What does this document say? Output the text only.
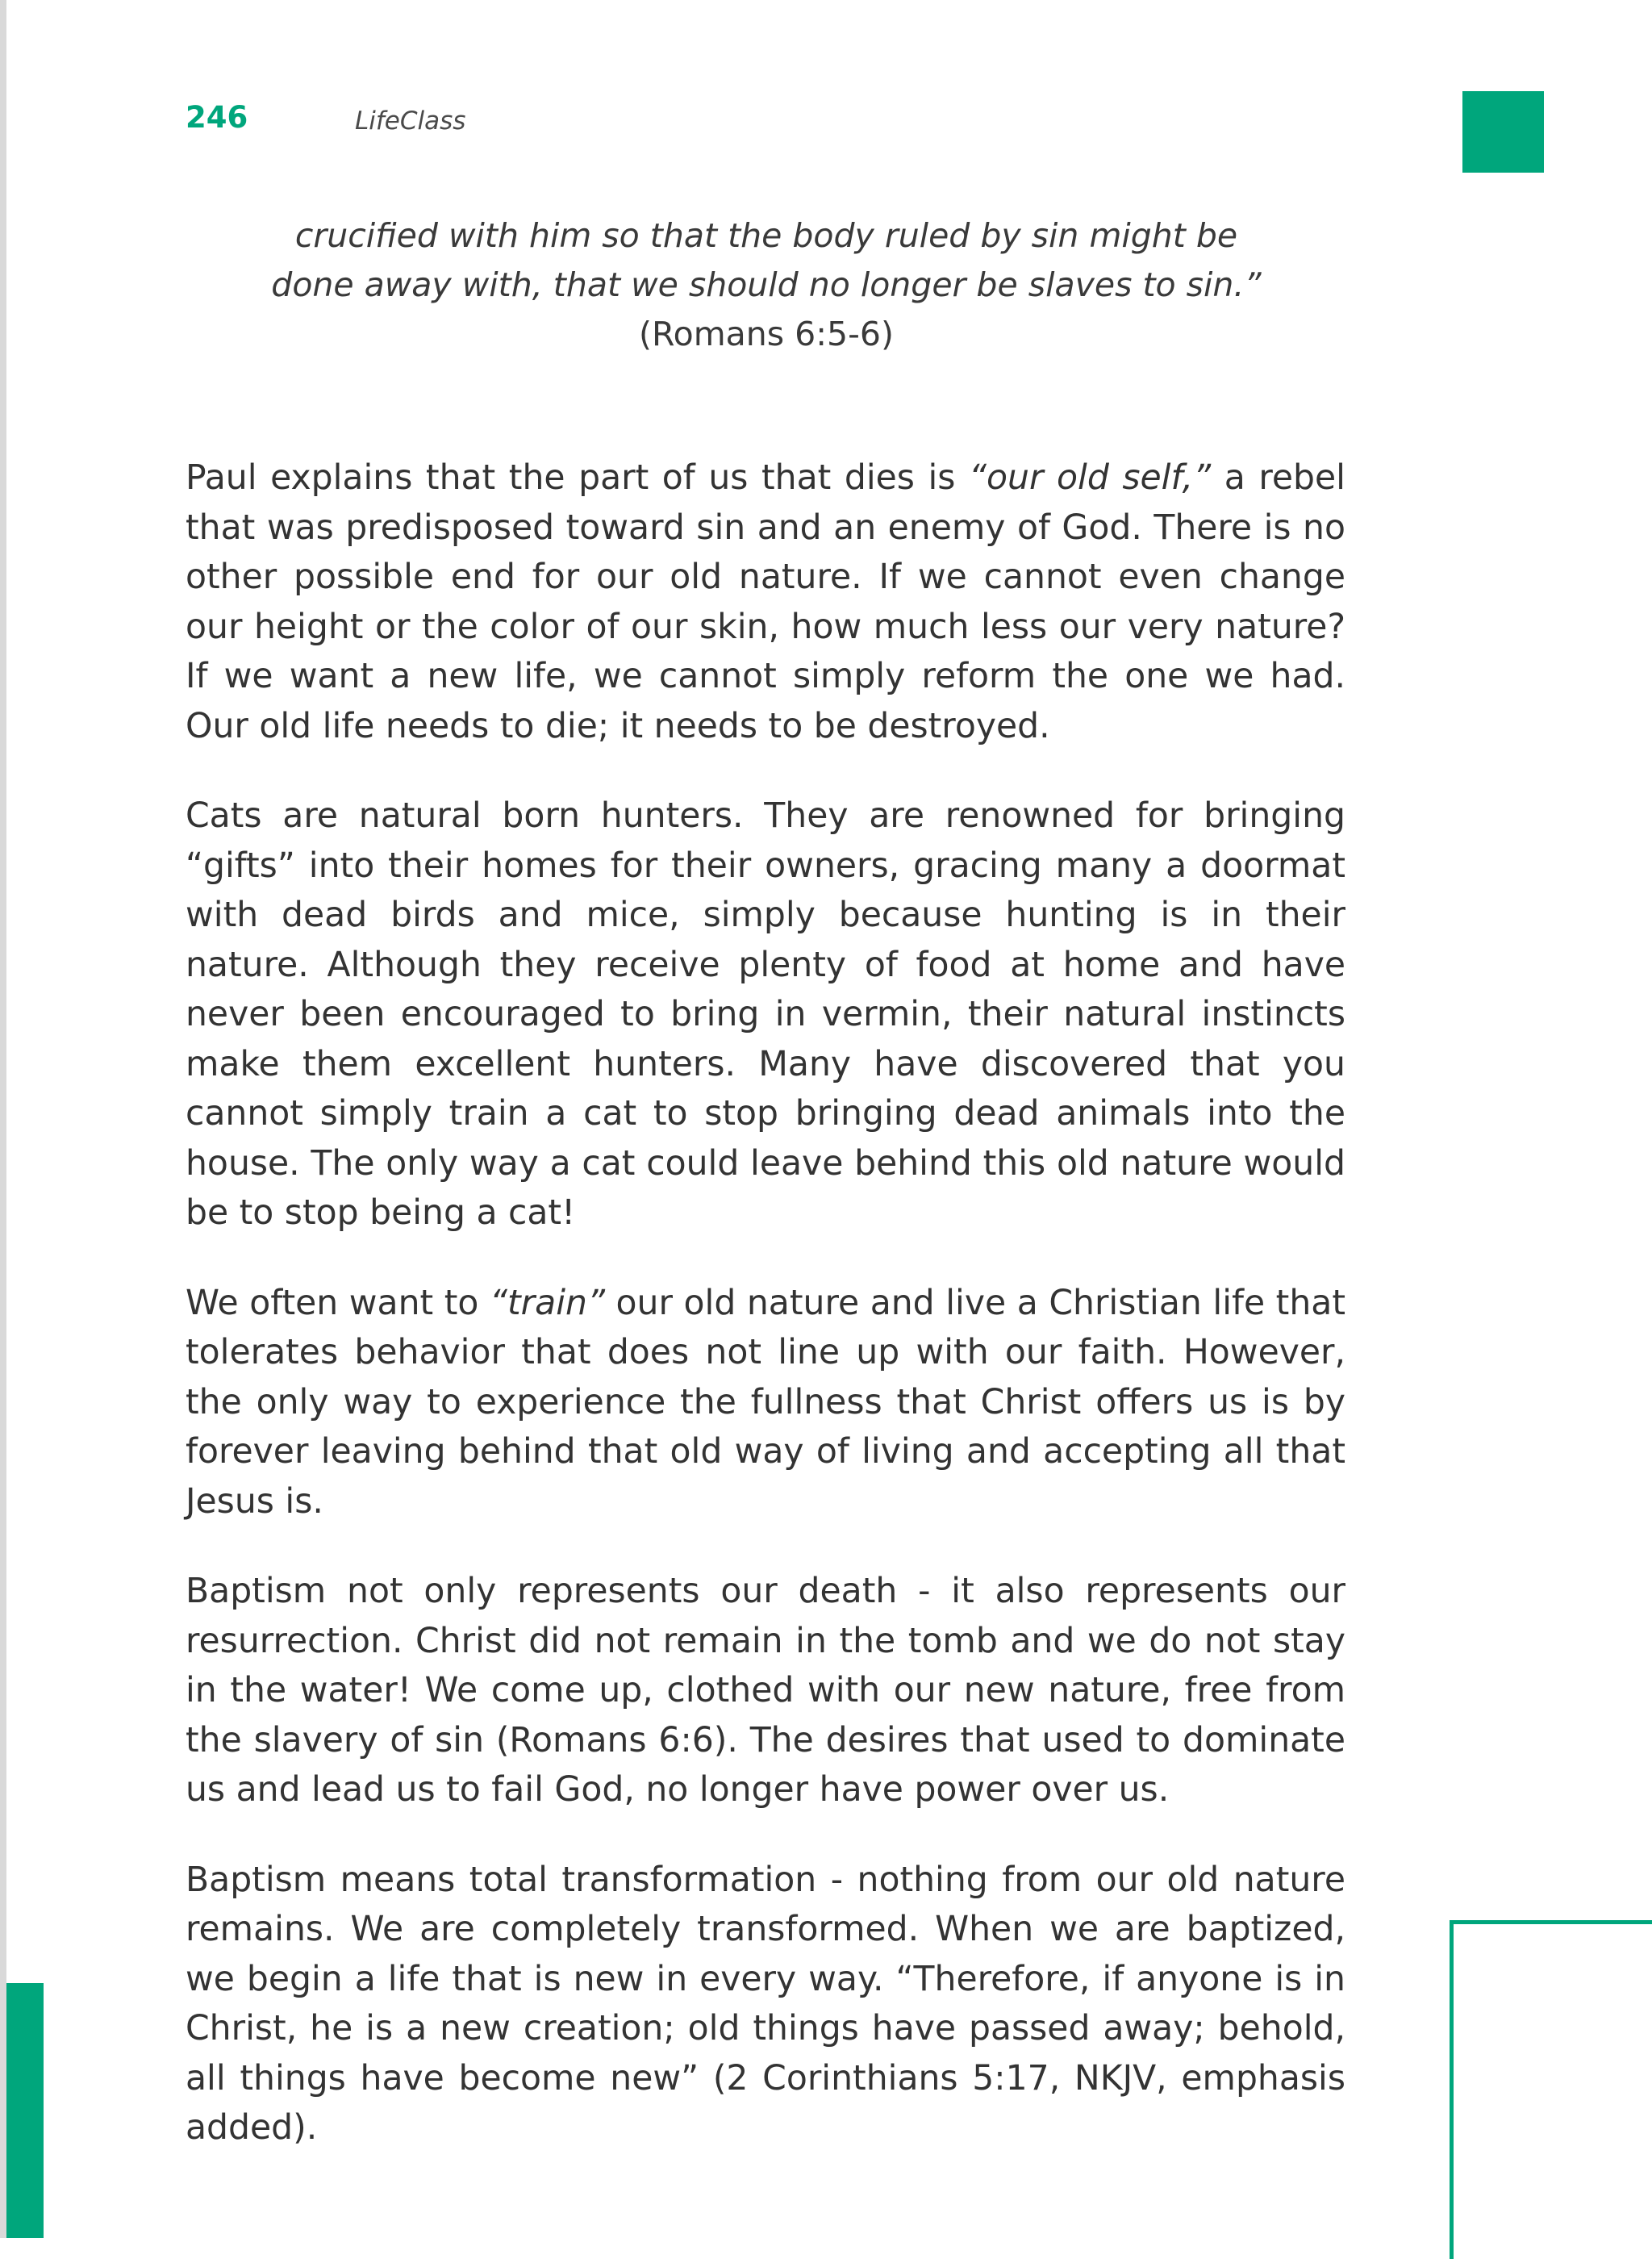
246	LifeClass
crucified with him so that the body ruled by sin might be done away with, that we should no longer be slaves to sin.”
(Romans 6:5-6)

Paul explains that the part of us that dies is “our old self,” a rebel that was predisposed toward sin and an enemy of God. There is no other possible end for our old nature. If we cannot even change our height or the color of our skin, how much less our very nature? If we want a new life, we cannot simply reform the one we had. Our old life needs to die; it needs to be destroyed.

Cats are natural born hunters. They are renowned for bringing “gifts” into their homes for their owners, gracing many a doormat with dead birds and mice, simply because hunting is in their nature. Although they receive plenty of food at home and have never been encouraged to bring in vermin, their natural instincts make them excellent hunters. Many have discovered that you cannot simply train a cat to stop bringing dead animals into the house. The only way a cat could leave behind this old nature would be to stop being a cat!

We often want to “train” our old nature and live a Christian life that tolerates behavior that does not line up with our faith. However, the only way to experience the fullness that Christ offers us is by forever leaving behind that old way of living and accepting all that Jesus is.

Baptism not only represents our death - it also represents our resurrection. Christ did not remain in the tomb and we do not stay in the water! We come up, clothed with our new nature, free from the slavery of sin (Romans 6:6). The desires that used to dominate us and lead us to fail God, no longer have power over us.

Baptism means total transformation - nothing from our old nature remains. We are completely transformed. When we are baptized, we begin a life that is new in every way. “Therefore, if anyone is in Christ, he is a new creation; old things have passed away; behold, all things have become new” (2 Corinthians 5:17, NKJV, emphasis added).
